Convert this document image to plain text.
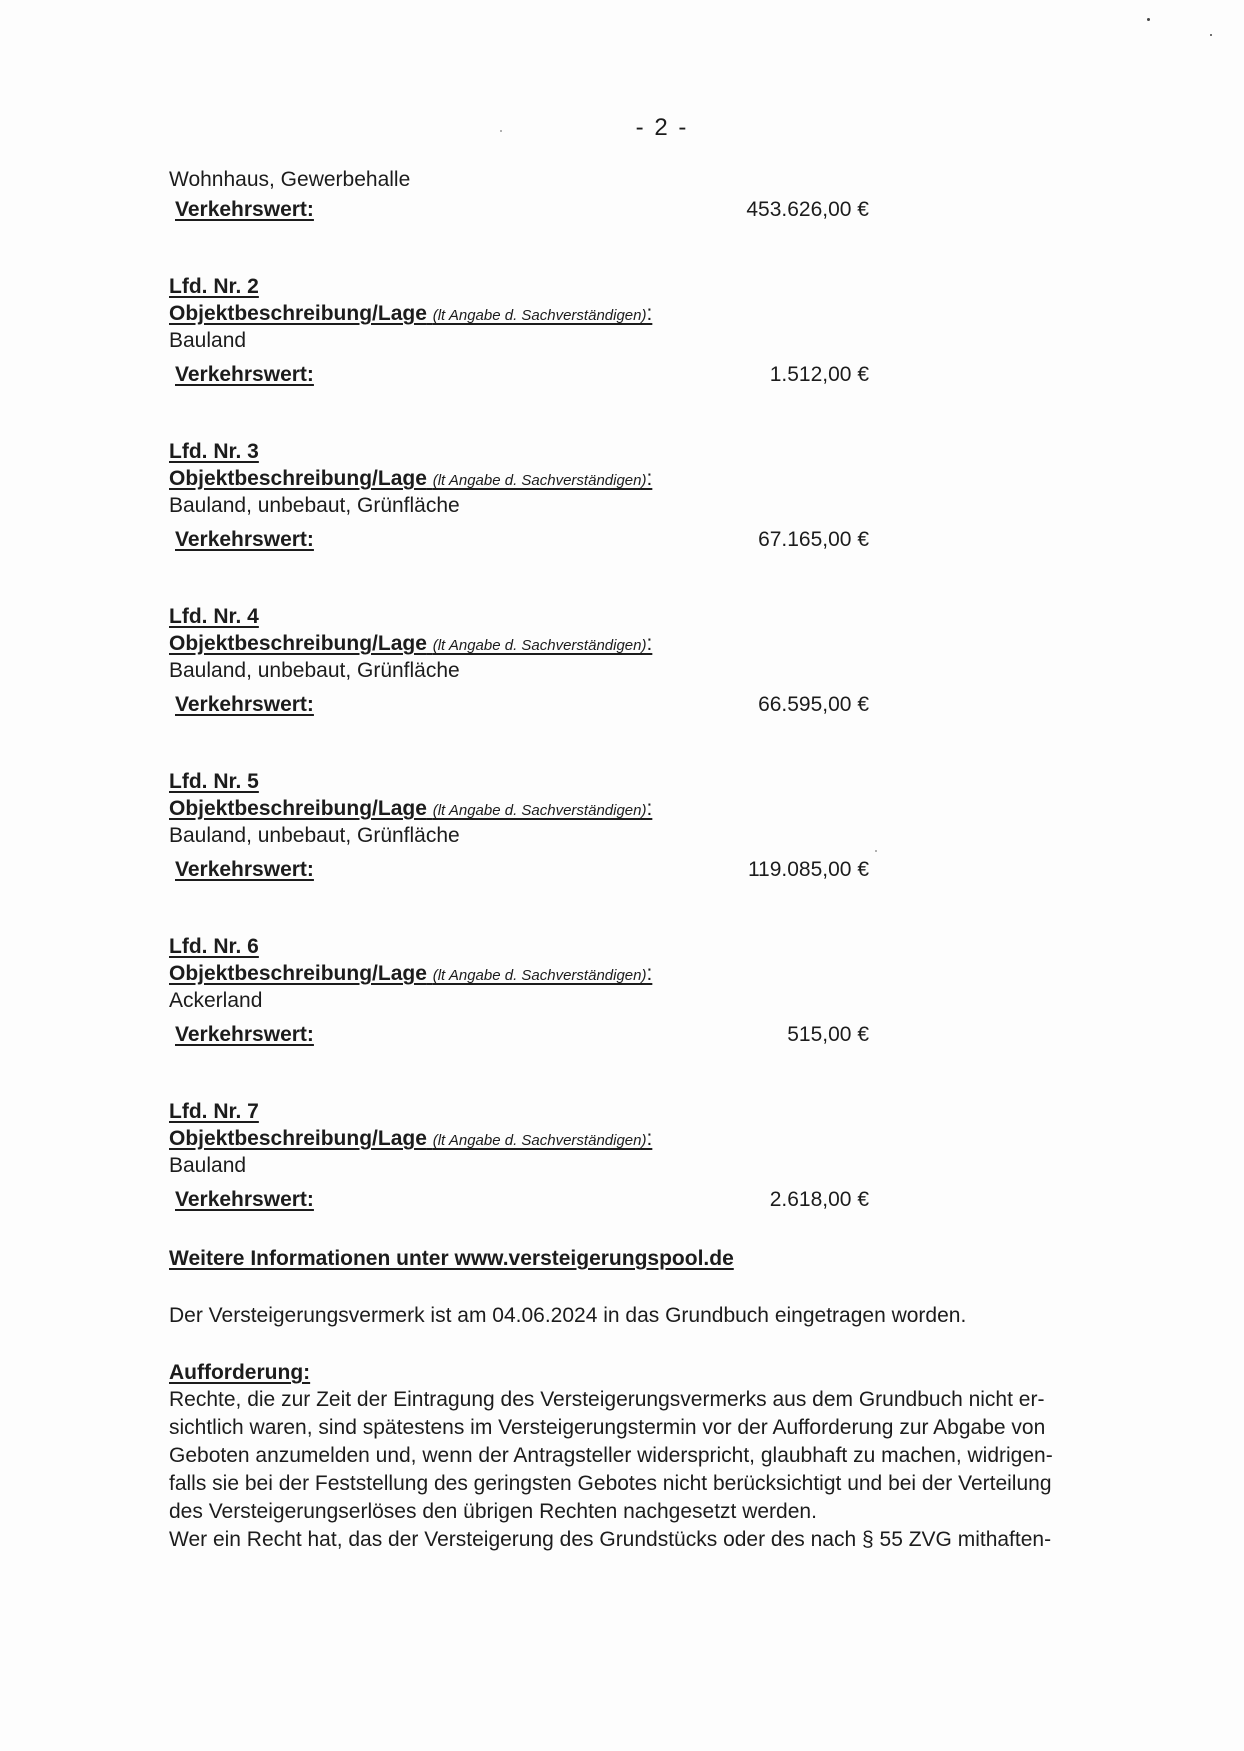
- 2 -
Wohnhaus, Gewerbehalle
Verkehrswert:	453.626,00 €
Lfd. Nr. 2
Objektbeschreibung/Lage (lt Angabe d. Sachverständigen):
Bauland
Verkehrswert:	1.512,00 €
Lfd. Nr. 3
Objektbeschreibung/Lage (lt Angabe d. Sachverständigen):
Bauland, unbebaut, Grünfläche
Verkehrswert:	67.165,00 €
Lfd. Nr. 4
Objektbeschreibung/Lage (lt Angabe d. Sachverständigen):
Bauland, unbebaut, Grünfläche
Verkehrswert:	66.595,00 €
Lfd. Nr. 5
Objektbeschreibung/Lage (lt Angabe d. Sachverständigen):
Bauland, unbebaut, Grünfläche
Verkehrswert:	119.085,00 €
Lfd. Nr. 6
Objektbeschreibung/Lage (lt Angabe d. Sachverständigen):
Ackerland
Verkehrswert:	515,00 €
Lfd. Nr. 7
Objektbeschreibung/Lage (lt Angabe d. Sachverständigen):
Bauland
Verkehrswert:	2.618,00 €
Weitere Informationen unter www.versteigerungspool.de
Der Versteigerungsvermerk ist am 04.06.2024 in das Grundbuch eingetragen worden.
Aufforderung:
Rechte, die zur Zeit der Eintragung des Versteigerungsvermerks aus dem Grundbuch nicht er-
sichtlich waren, sind spätestens im Versteigerungstermin vor der Aufforderung zur Abgabe von
Geboten anzumelden und, wenn der Antragsteller widerspricht, glaubhaft zu machen, widrigen-
falls sie bei der Feststellung des geringsten Gebotes nicht berücksichtigt und bei der Verteilung
des Versteigerungserlöses den übrigen Rechten nachgesetzt werden.
Wer ein Recht hat, das der Versteigerung des Grundstücks oder des nach § 55 ZVG mithaften-
